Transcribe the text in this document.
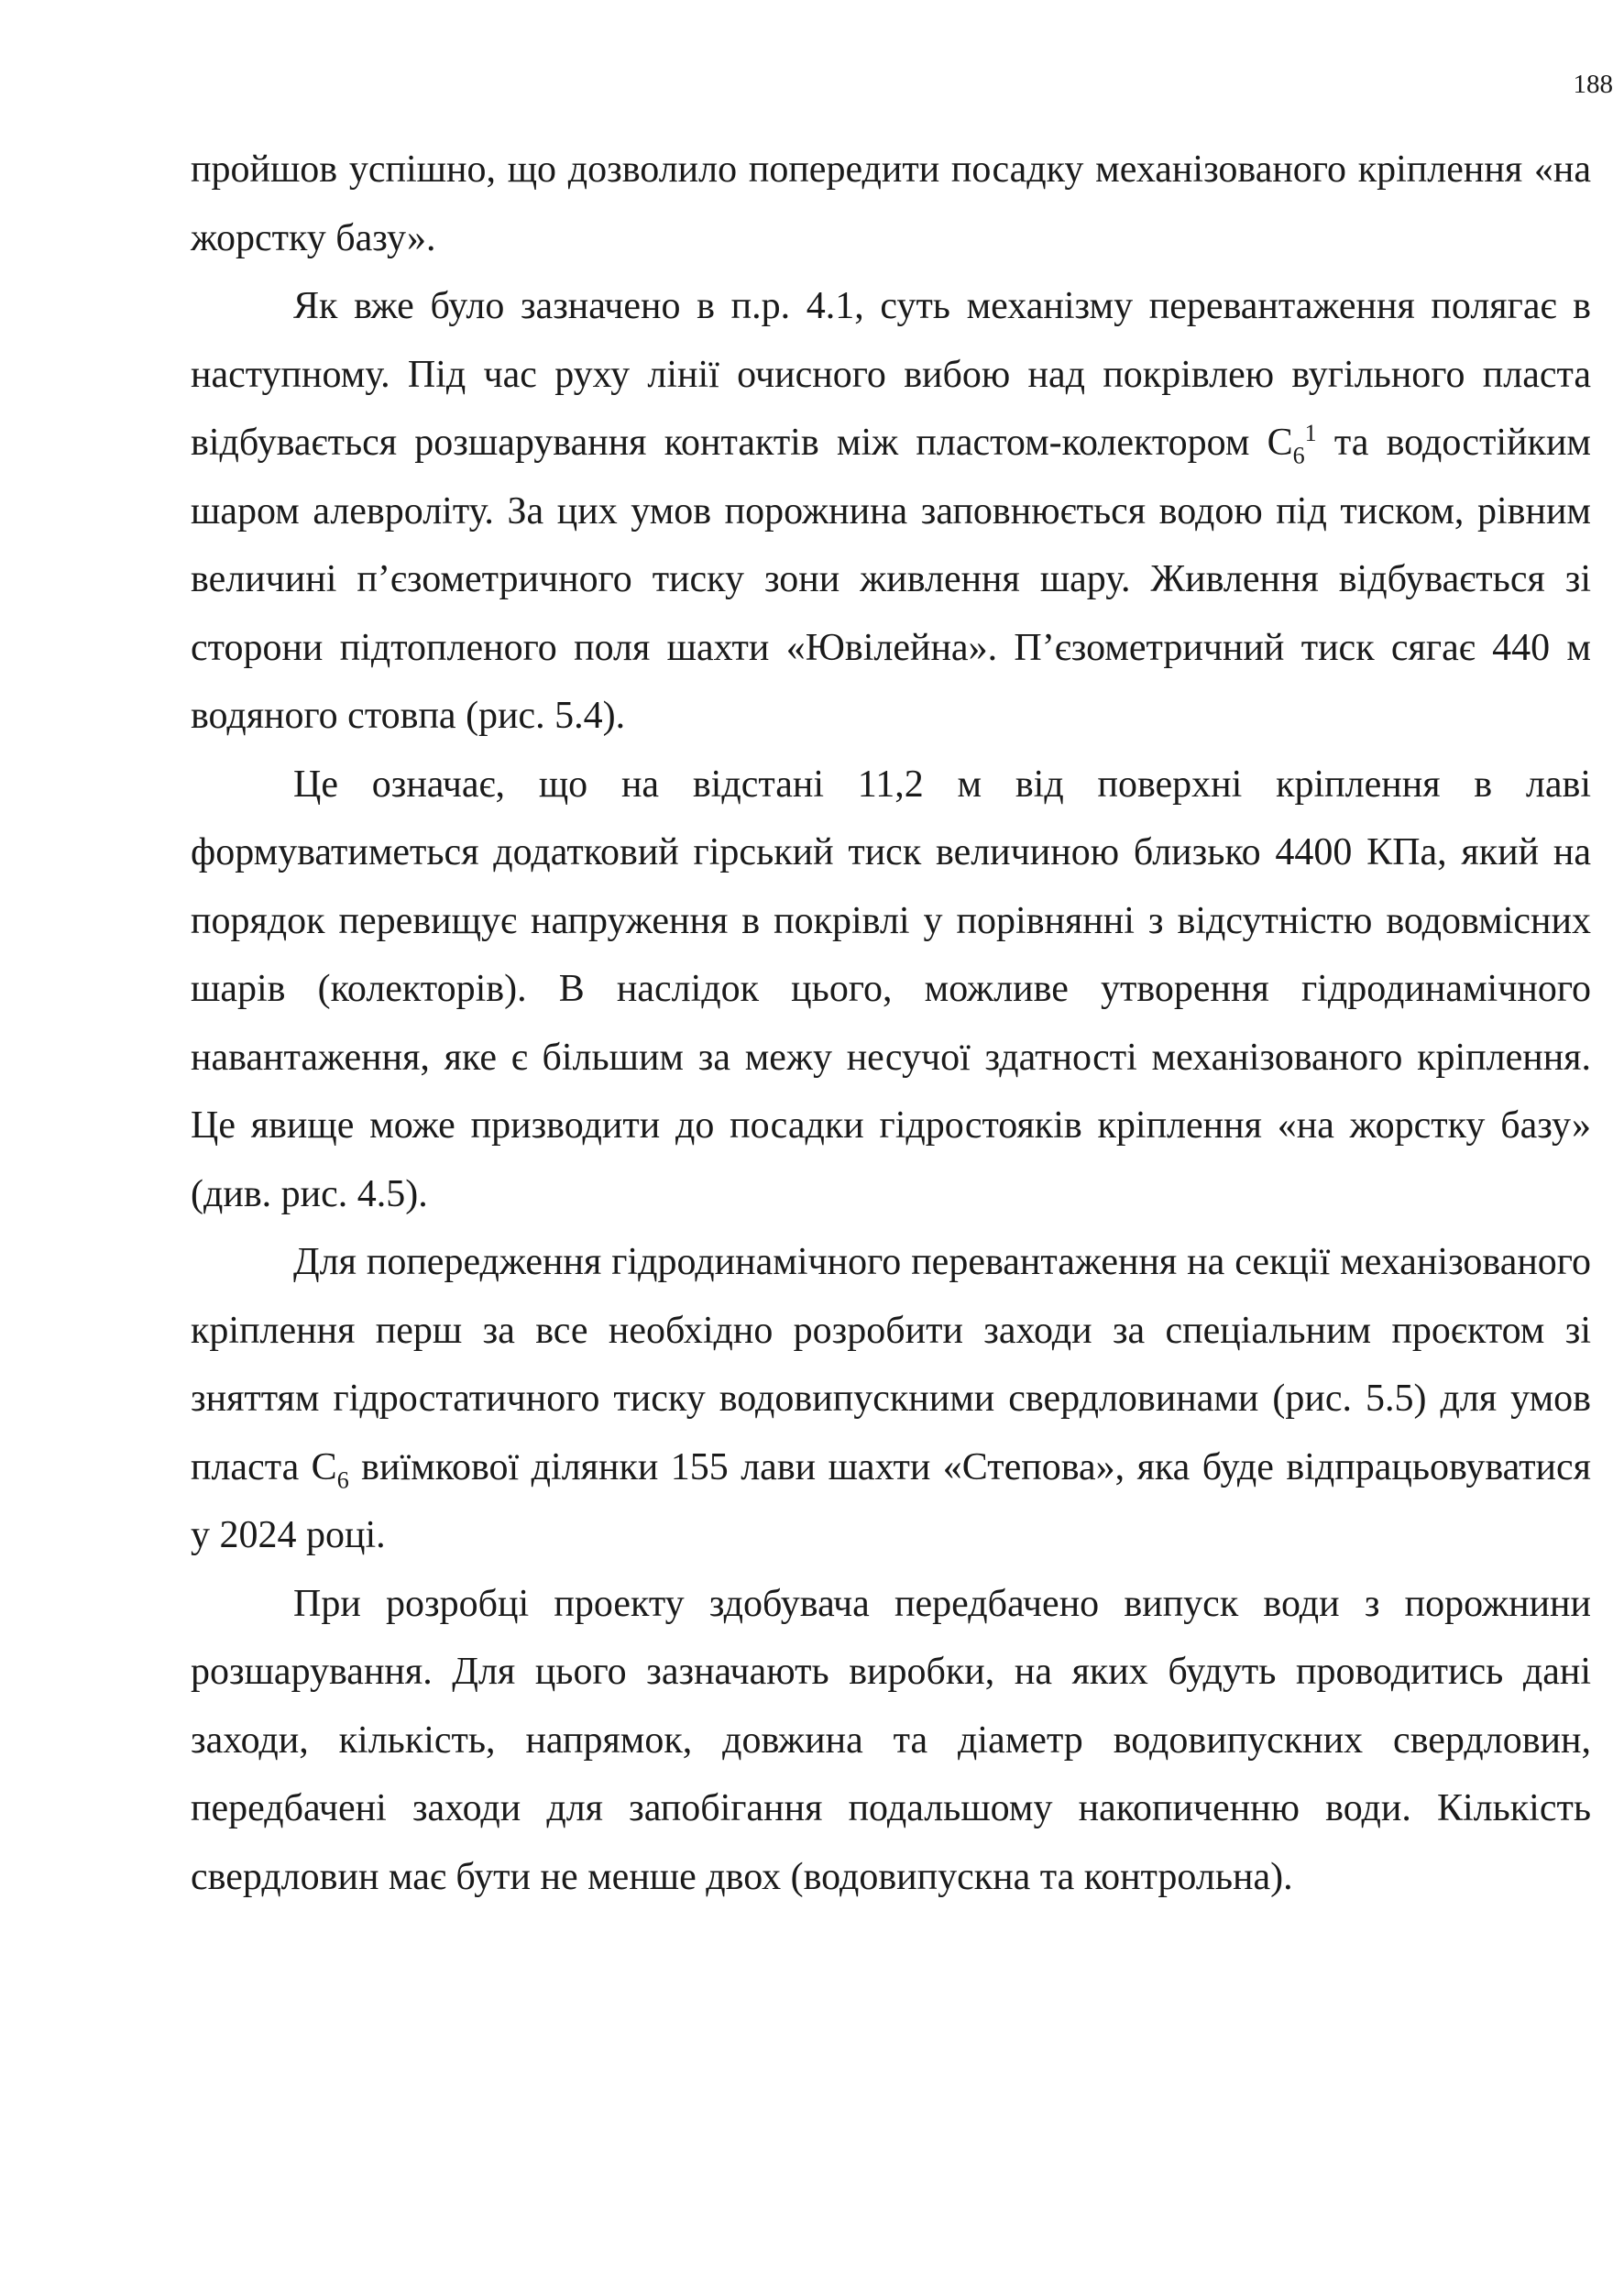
188

пройшов успішно, що дозволило попередити посадку механізованого кріплення «на жорстку базу».

Як вже було зазначено в п.р. 4.1, суть механізму перевантаження полягає в наступному. Під час руху лінії очисного вибою над покрівлею вугільного пласта відбувається розшарування контактів між пластом-колектором $С_6^1$ та водостійким шаром алевроліту. За цих умов порожнина заповнюється водою під тиском, рівним величині п’єзометричного тиску зони живлення шару. Живлення відбувається зі сторони підтопленого поля шахти «Ювілейна». П’єзометричний тиск сягає 440 м водяного стовпа (рис. 5.4).

Це означає, що на відстані 11,2 м від поверхні кріплення в лаві формуватиметься додатковий гірський тиск величиною близько 4400 КПа, який на порядок перевищує напруження в покрівлі у порівнянні з відсутністю водовмісних шарів (колекторів). В наслідок цього, можливе утворення гідродинамічного навантаження, яке є більшим за межу несучої здатності механізованого кріплення. Це явище може призводити до посадки гідростояків кріплення «на жорстку базу» (див. рис. 4.5).

Для попередження гідродинамічного перевантаження на секції механізованого кріплення перш за все необхідно розробити заходи за спеціальним проєктом зі зняттям гідростатичного тиску водовипускними свердловинами (рис. 5.5) для умов пласта $С_6$ виїмкової ділянки 155 лави шахти «Степова», яка буде відпрацьовуватися у 2024 році.

При розробці проекту здобувача передбачено випуск води з порожнини розшарування. Для цього зазначають виробки, на яких будуть проводитись дані заходи, кількість, напрямок, довжина та діаметр водовипускних свердловин, передбачені заходи для запобігання подальшому накопиченню води. Кількість свердловин має бути не менше двох (водовипускна та контрольна).
